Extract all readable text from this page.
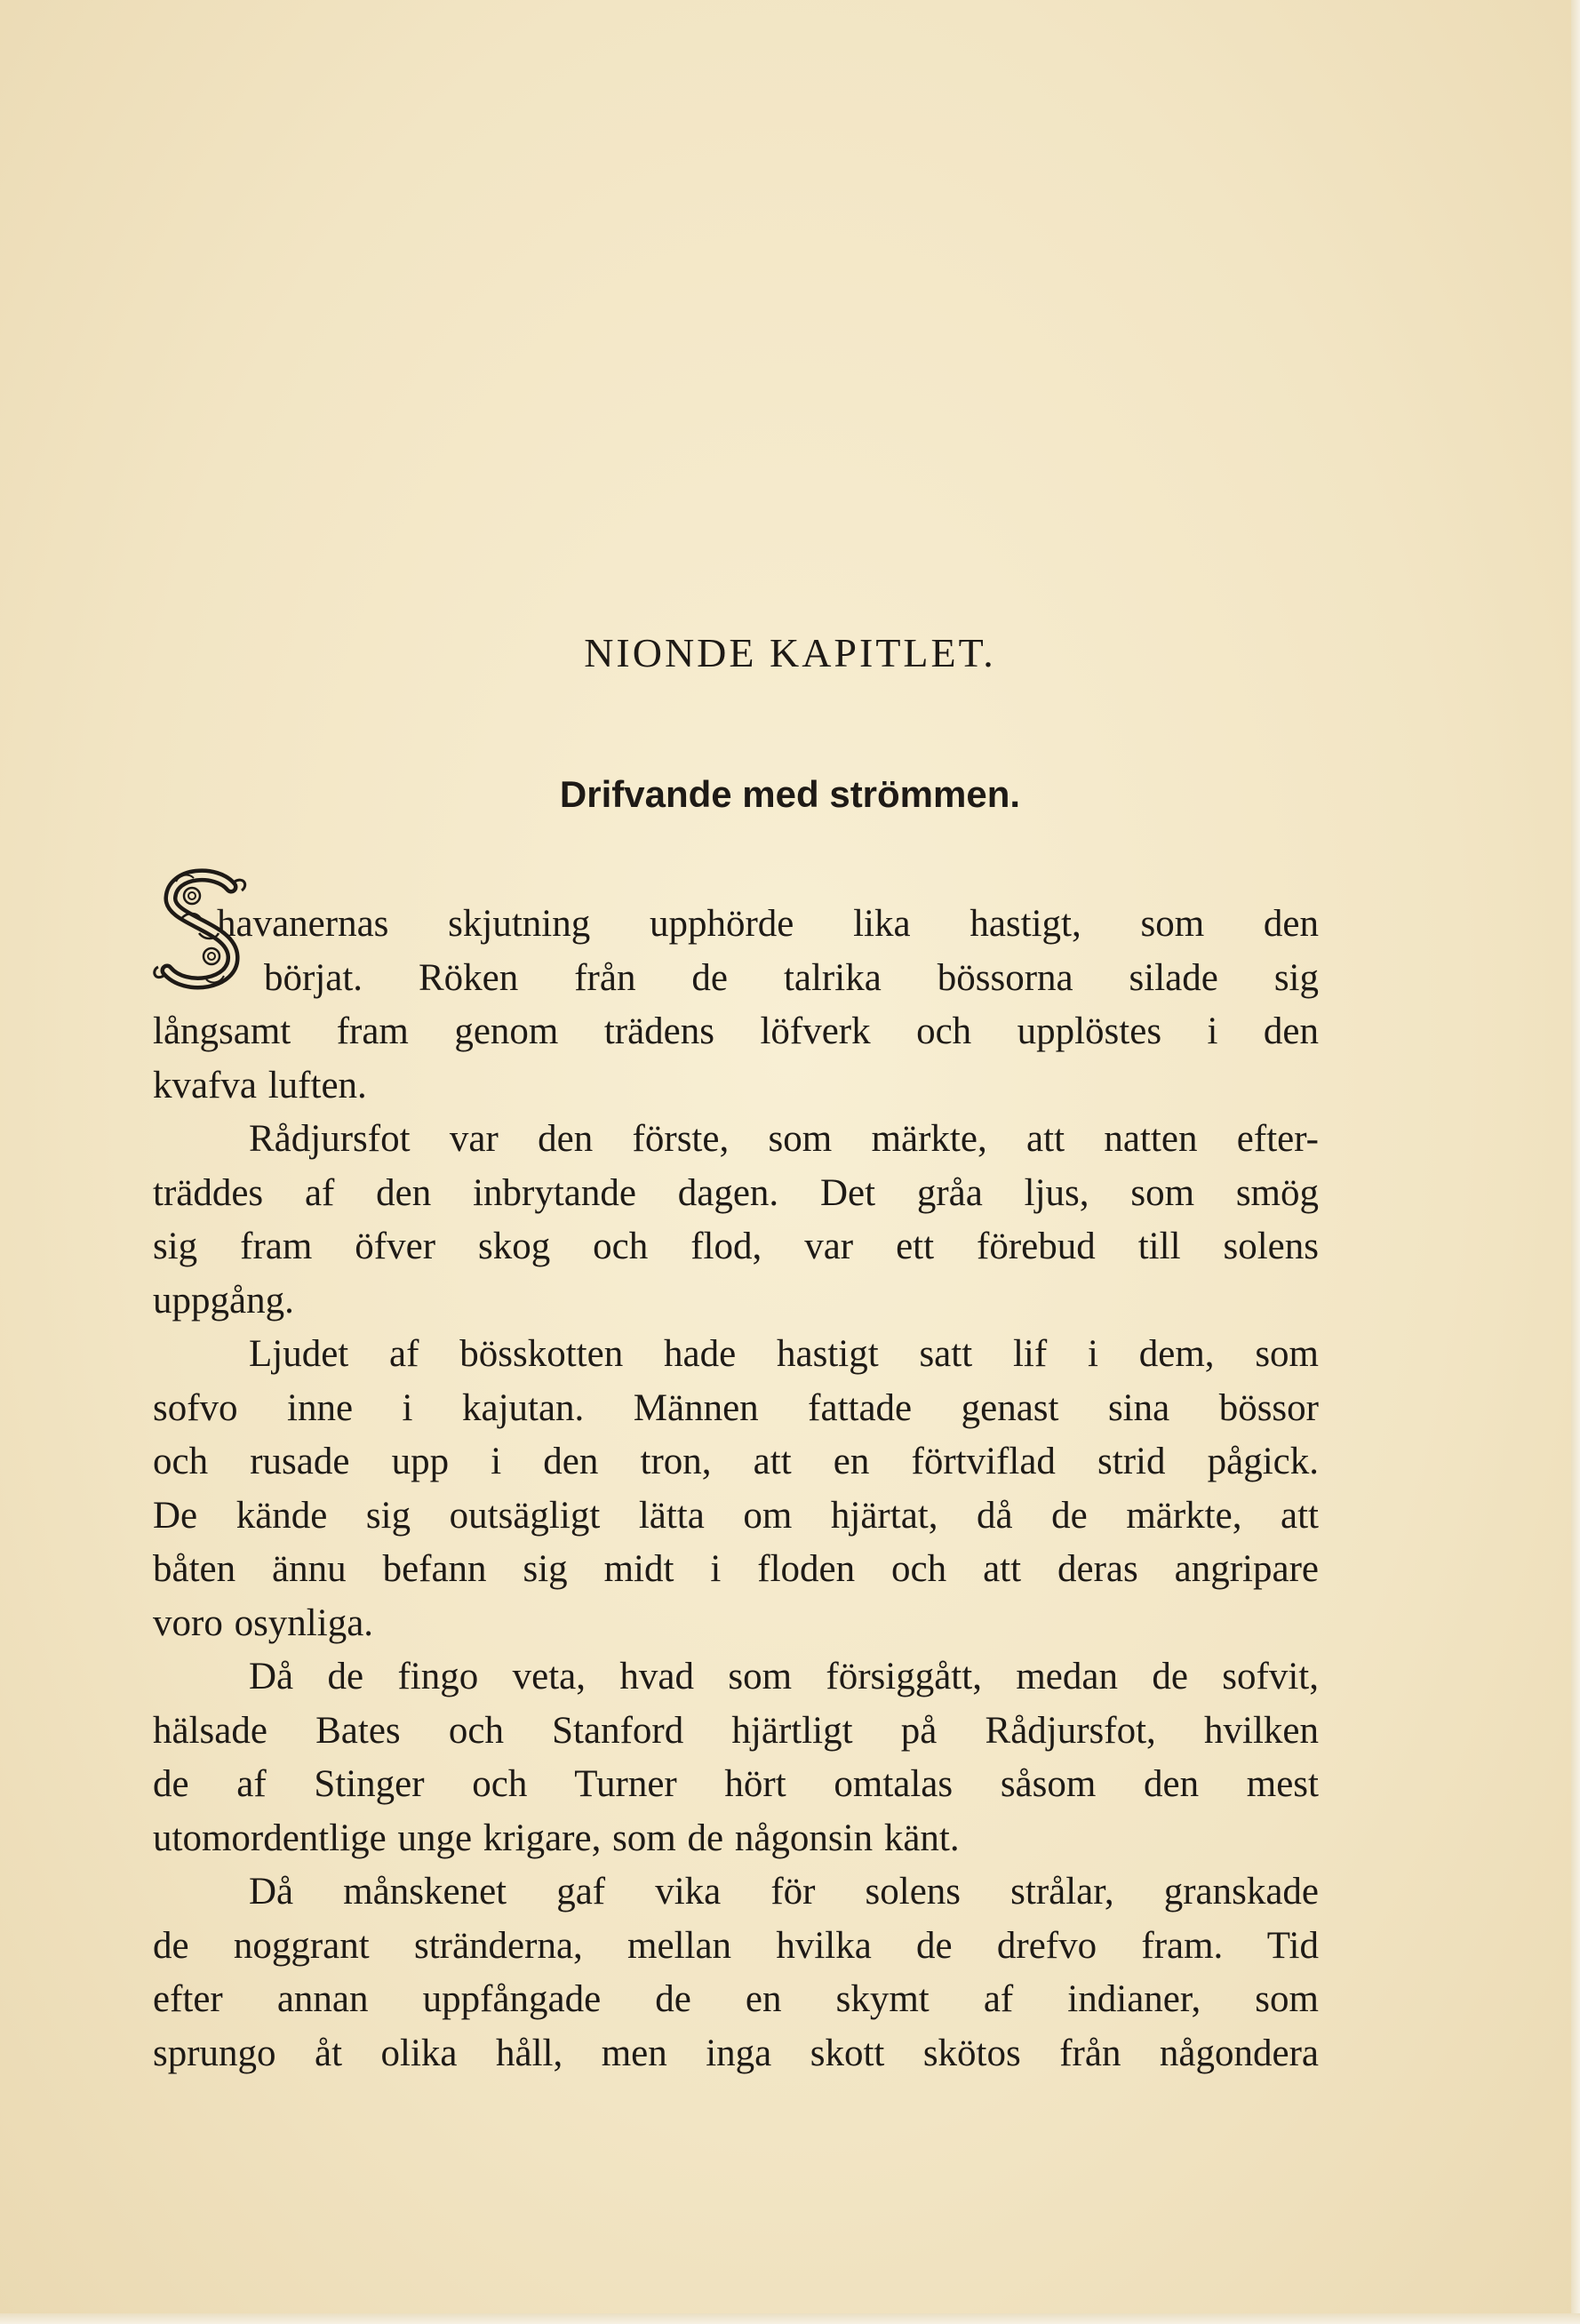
NIONDE KAPITLET.
Drifvande med strömmen.
S
havanernas skjutning upphörde lika hastigt, som den
börjat. Röken från de talrika bössorna silade sig
långsamt fram genom trädens löfverk och upplöstes i den
kvafva luften.
Rådjursfot var den förste, som märkte, att natten efter-
träddes af den inbrytande dagen. Det gråa ljus, som smög
sig fram öfver skog och flod, var ett förebud till solens
uppgång.
Ljudet af bösskotten hade hastigt satt lif i dem, som
sofvo inne i kajutan. Männen fattade genast sina bössor
och rusade upp i den tron, att en förtviflad strid pågick.
De kände sig outsägligt lätta om hjärtat, då de märkte, att
båten ännu befann sig midt i floden och att deras angripare
voro osynliga.
Då de fingo veta, hvad som försiggått, medan de sofvit,
hälsade Bates och Stanford hjärtligt på Rådjursfot, hvilken
de af Stinger och Turner hört omtalas såsom den mest
utomordentlige unge krigare, som de någonsin känt.
Då månskenet gaf vika för solens strålar, granskade
de noggrant stränderna, mellan hvilka de drefvo fram. Tid
efter annan uppfångade de en skymt af indianer, som
sprungo åt olika håll, men inga skott skötos från någondera
